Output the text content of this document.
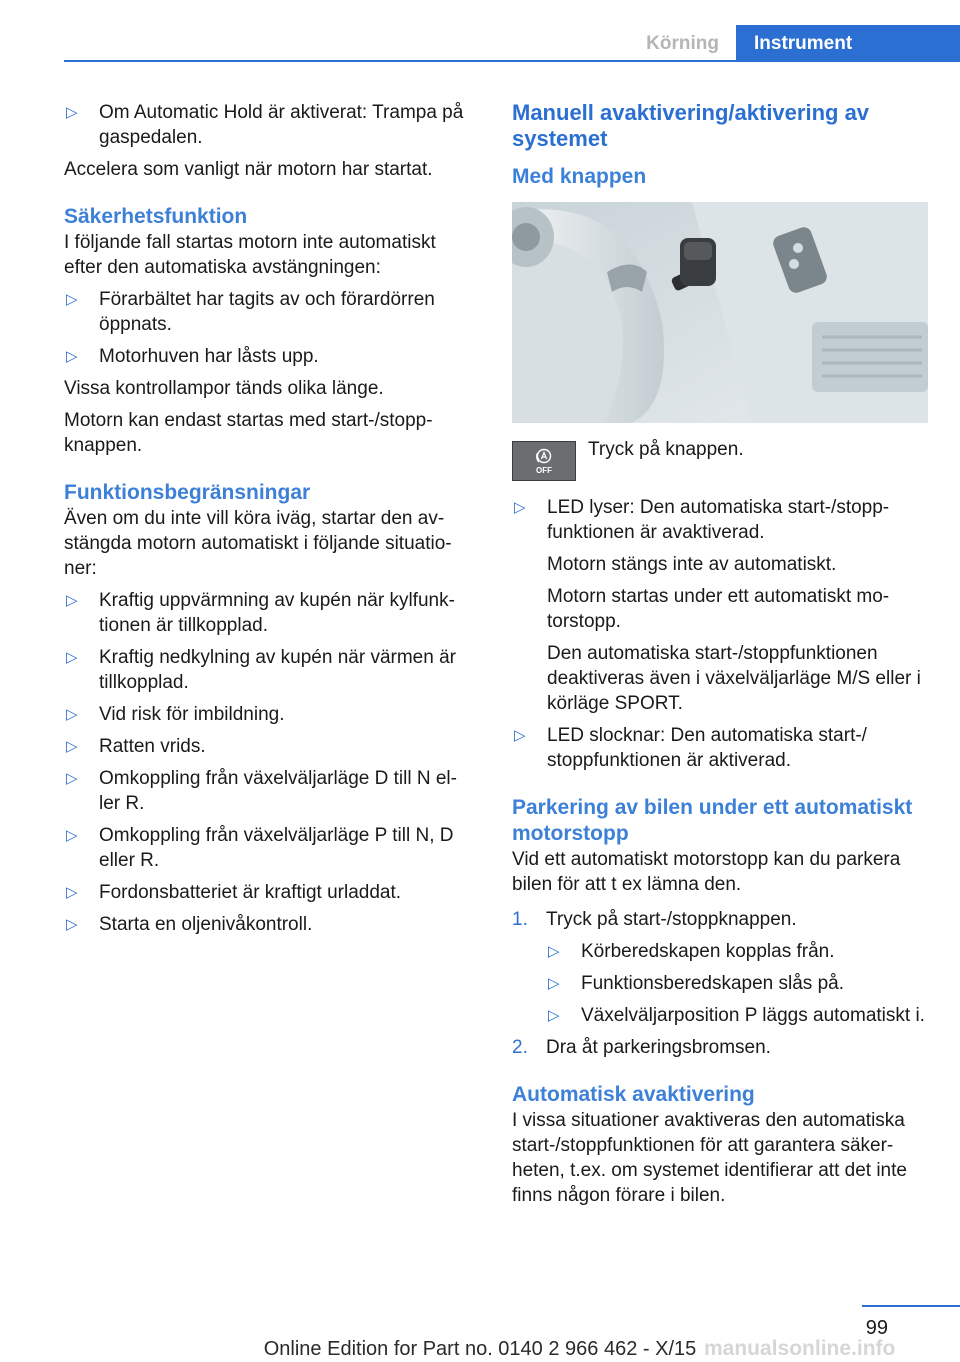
Körning	Instrument
▷	Om Automatic Hold är aktiverat: Trampa på gaspedalen.
Accelera som vanligt när motorn har startat.
Säkerhetsfunktion
I följande fall startas motorn inte automatiskt efter den automatiska avstängningen:
▷	Förarbältet har tagits av och förardörren öppnats.
▷	Motorhuven har låsts upp.
Vissa kontrollampor tänds olika länge.
Motorn kan endast startas med start-/stopp-knappen.
Funktionsbegränsningar
Även om du inte vill köra iväg, startar den av-stängda motorn automatiskt i följande situatio-ner:
▷	Kraftig uppvärmning av kupén när kylfunk-tionen är tillkopplad.
▷	Kraftig nedkylning av kupén när värmen är tillkopplad.
▷	Vid risk för imbildning.
▷	Ratten vrids.
▷	Omkoppling från växelväljarläge D till N el-ler R.
▷	Omkoppling från växelväljarläge P till N, D eller R.
▷	Fordonsbatteriet är kraftigt urladdat.
▷	Starta en oljenivåkontroll.
Manuell avaktivering/aktivering av systemet
Med knappen
OFF
Tryck på knappen.
▷	LED lyser: Den automatiska start-/stopp-funktionen är avaktiverad.
Motorn stängs inte av automatiskt.
Motorn startas under ett automatiskt mo-torstopp.
Den automatiska start-/stoppfunktionen deaktiveras även i växelväljarläge M/S eller i körläge SPORT.
▷	LED slocknar: Den automatiska start-/ stoppfunktionen är aktiverad.
Parkering av bilen under ett automatiskt motorstopp
Vid ett automatiskt motorstopp kan du parkera bilen för att t ex lämna den.
1. Tryck på start-/stoppknappen.
▷	Körberedskapen kopplas från.
▷	Funktionsberedskapen slås på.
▷	Växelväljarposition P läggs automatiskt i.
2. Dra åt parkeringsbromsen.
Automatisk avaktivering
I vissa situationer avaktiveras den automatiska start-/stoppfunktionen för att garantera säker-heten, t.ex. om systemet identifierar att det inte finns någon förare i bilen.
99
Online Edition for Part no. 0140 2 966 462 - X/15 manualsonline.info
